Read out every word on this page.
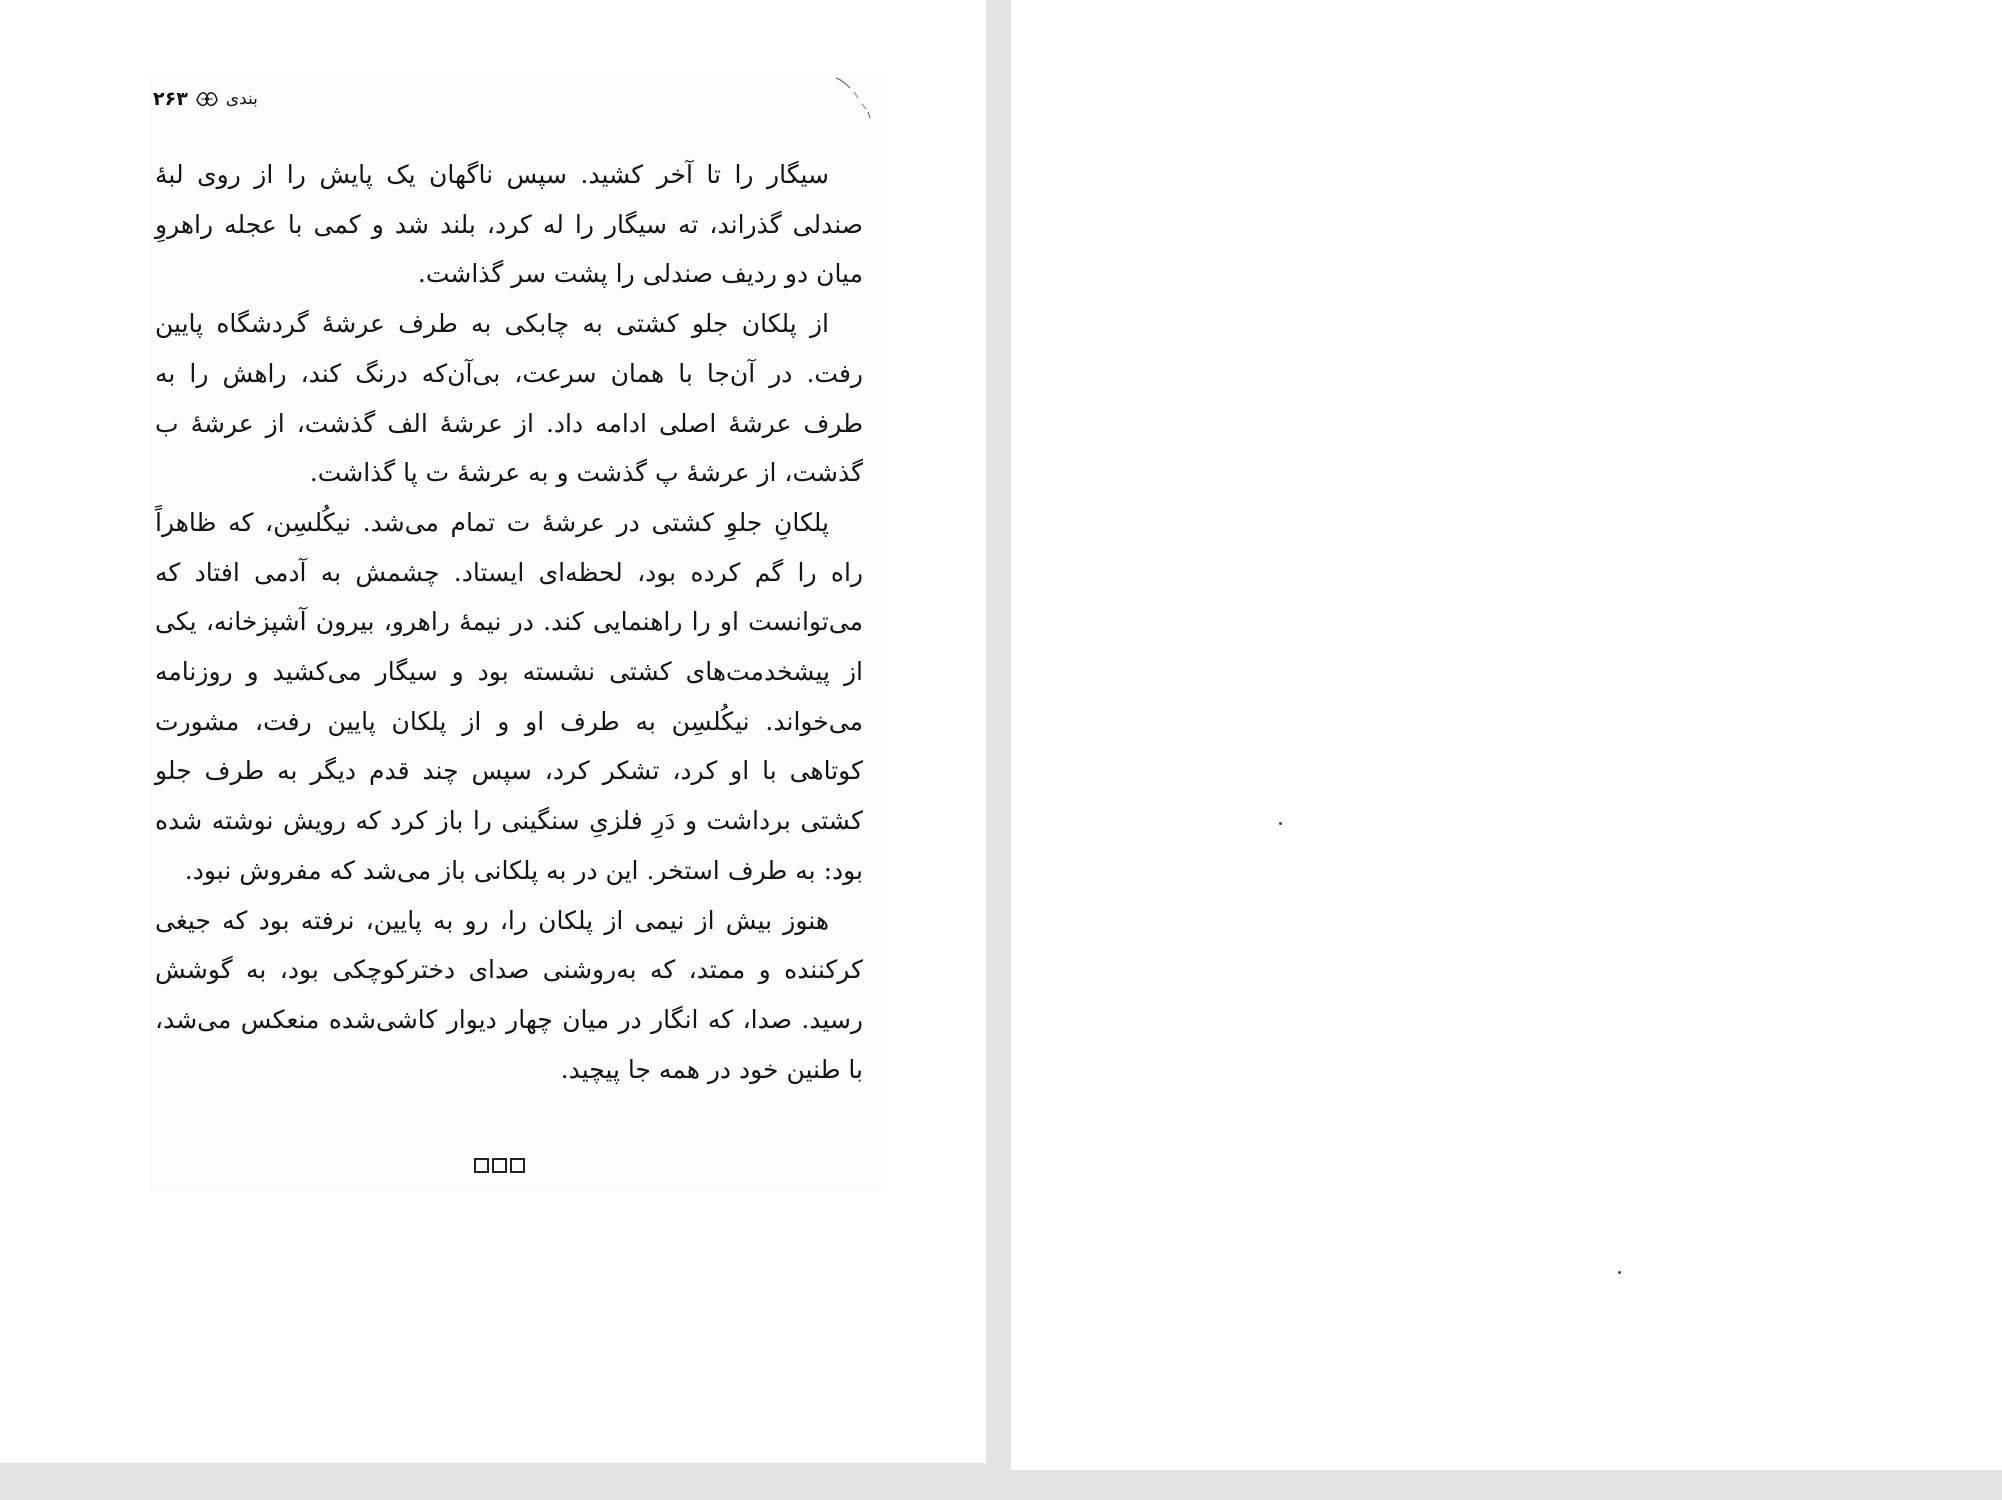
۲۶۳ بندی

سیگار را تا آخر کشید. سپس ناگهان یک پایش را از روی لبهٔ صندلی گذراند، ته سیگار را له کرد، بلند شد و کمی با عجله راهروِ میان دو ردیف صندلی را پشت سر گذاشت.

از پلکان جلو کشتی به چابکی به طرف عرشهٔ گردشگاه پایین رفت. در آن‌جا با همان سرعت، بی‌آن‌که درنگ کند، راهش را به طرف عرشهٔ اصلی ادامه داد. از عرشهٔ الف گذشت، از عرشهٔ ب گذشت، از عرشهٔ پ گذشت و به عرشهٔ ت پا گذاشت.

پلکانِ جلوِ کشتی در عرشهٔ ت تمام می‌شد. نیکُلسِن، که ظاهراً راه را گم کرده بود، لحظه‌ای ایستاد. چشمش به آدمی افتاد که می‌توانست او را راهنمایی کند. در نیمهٔ راهرو، بیرون آشپزخانه، یکی از پیشخدمت‌های کشتی نشسته بود و سیگار می‌کشید و روزنامه می‌خواند. نیکُلسِن به طرف او و از پلکان پایین رفت، مشورت کوتاهی با او کرد، تشکر کرد، سپس چند قدم دیگر به طرف جلو کشتی برداشت و دَرِ فلزیِ سنگینی را باز کرد که رویش نوشته شده بود: به طرف استخر. این در به پلکانی باز می‌شد که مفروش نبود.

هنوز بیش از نیمی از پلکان را، رو به پایین، نرفته بود که جیغی کرکننده و ممتد، که به‌روشنی صدای دخترکوچکی بود، به گوشش رسید. صدا، که انگار در میان چهار دیوار کاشی‌شده منعکس می‌شد، با طنین خود در همه جا پیچید.
